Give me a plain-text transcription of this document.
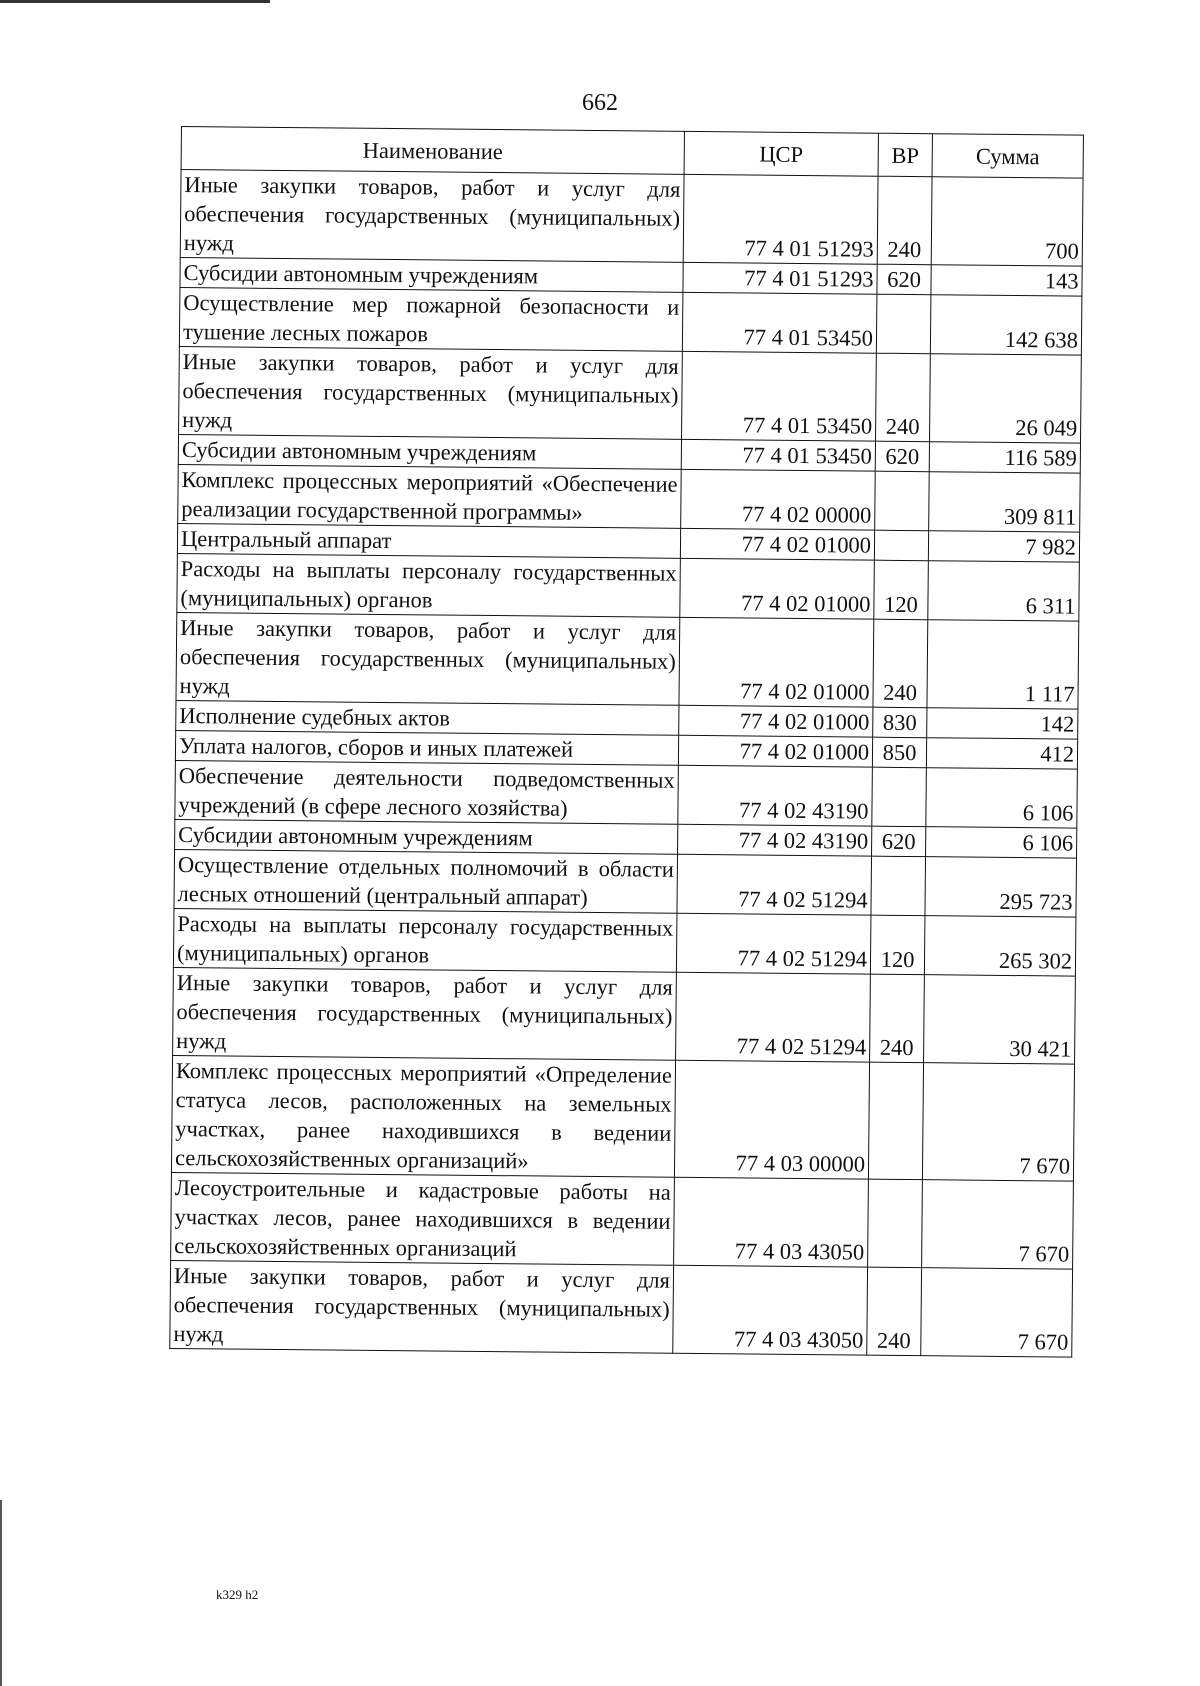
662
Наименование	ЦСР	ВР	Сумма
Иные закупки товаров, работ и услуг для обеспечения государственных (муниципальных) нужд	77 4 01 51293	240	700
Субсидии автономным учреждениям	77 4 01 51293	620	143
Осуществление мер пожарной безопасности и тушение лесных пожаров	77 4 01 53450		142 638
Иные закупки товаров, работ и услуг для обеспечения государственных (муниципальных) нужд	77 4 01 53450	240	26 049
Субсидии автономным учреждениям	77 4 01 53450	620	116 589
Комплекс процессных мероприятий «Обеспечение реализации государственной программы»	77 4 02 00000		309 811
Центральный аппарат	77 4 02 01000		7 982
Расходы на выплаты персоналу государственных (муниципальных) органов	77 4 02 01000	120	6 311
Иные закупки товаров, работ и услуг для обеспечения государственных (муниципальных) нужд	77 4 02 01000	240	1 117
Исполнение судебных актов	77 4 02 01000	830	142
Уплата налогов, сборов и иных платежей	77 4 02 01000	850	412
Обеспечение деятельности подведомственных учреждений (в сфере лесного хозяйства)	77 4 02 43190		6 106
Субсидии автономным учреждениям	77 4 02 43190	620	6 106
Осуществление отдельных полномочий в области лесных отношений (центральный аппарат)	77 4 02 51294		295 723
Расходы на выплаты персоналу государственных (муниципальных) органов	77 4 02 51294	120	265 302
Иные закупки товаров, работ и услуг для обеспечения государственных (муниципальных) нужд	77 4 02 51294	240	30 421
Комплекс процессных мероприятий «Определение статуса лесов, расположенных на земельных участках, ранее находившихся в ведении сельскохозяйственных организаций»	77 4 03 00000		7 670
Лесоустроительные и кадастровые работы на участках лесов, ранее находившихся в ведении сельскохозяйственных организаций	77 4 03 43050		7 670
Иные закупки товаров, работ и услуг для обеспечения государственных (муниципальных) нужд	77 4 03 43050	240	7 670
k329 h2
